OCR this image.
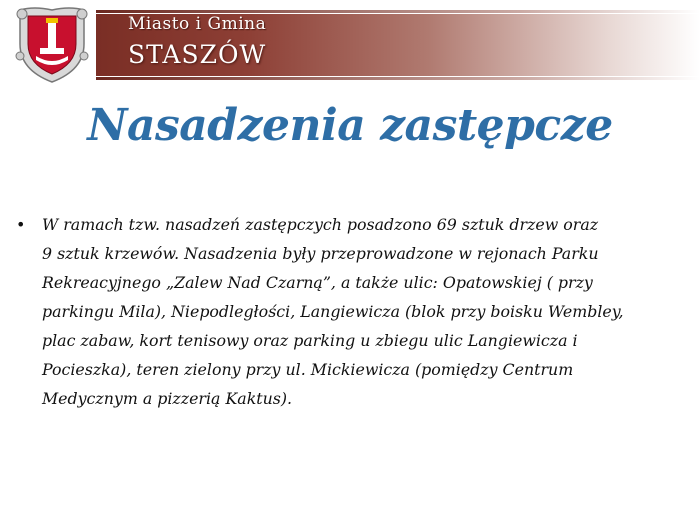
Miasto i Gmina
STASZÓW
Nasadzenia zastępcze
• W ramach tzw. nasadzeń zastępczych posadzono 69 sztuk drzew oraz
9 sztuk krzewów. Nasadzenia były przeprowadzone w rejonach Parku
Rekreacyjnego „Zalew Nad Czarną”, a także ulic: Opatowskiej ( przy
parkingu Mila), Niepodległości, Langiewicza (blok przy boisku Wembley,
plac zabaw, kort tenisowy oraz parking u zbiegu ulic Langiewicza i
Pocieszka), teren zielony przy ul. Mickiewicza (pomiędzy Centrum
Medycznym a pizzerią Kaktus).
